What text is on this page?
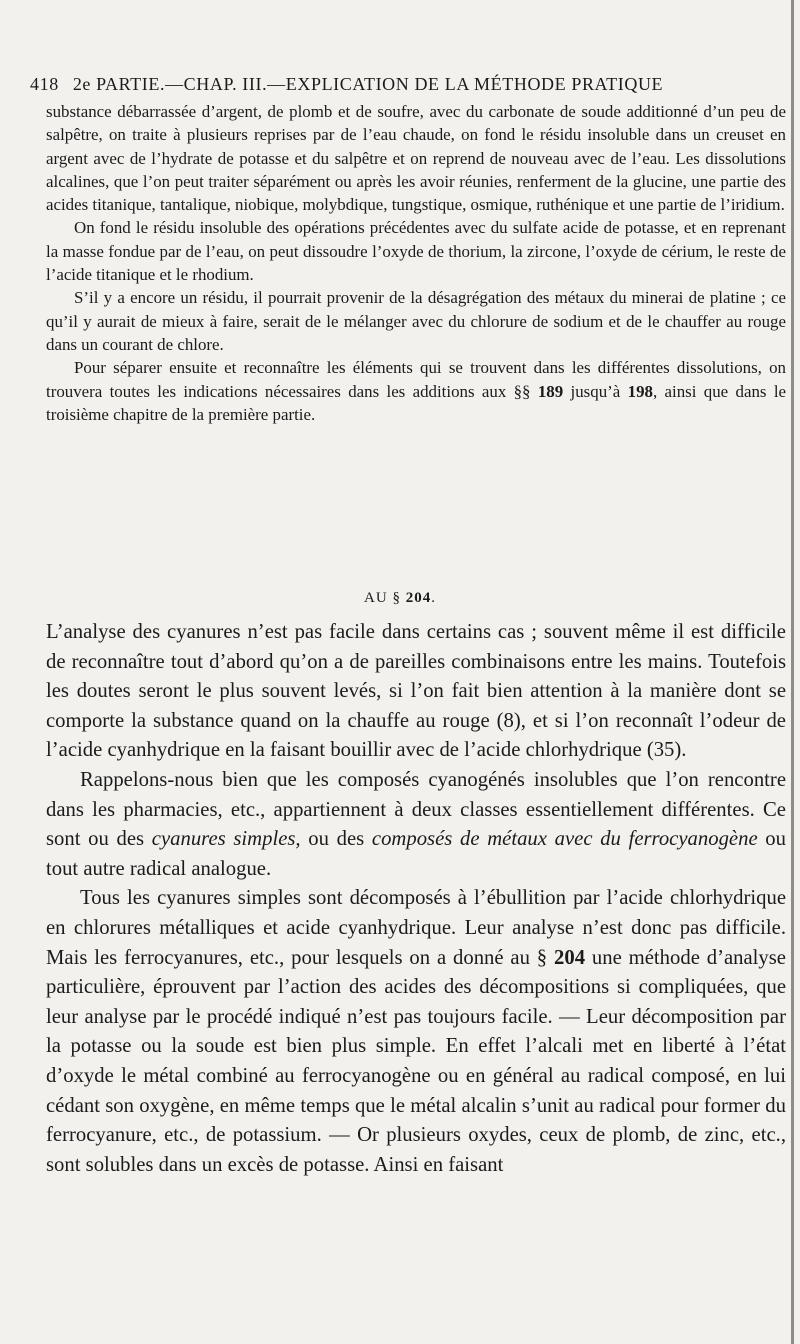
418 2e PARTIE.—CHAP. III.—EXPLICATION DE LA MÉTHODE PRATIQUE

substance débarrassée d’argent, de plomb et de soufre, avec du carbonate de soude additionné d’un peu de salpêtre, on traite à plusieurs reprises par de l’eau chaude, on fond le résidu insoluble dans un creuset en argent avec de l’hydrate de potasse et du salpêtre et on reprend de nouveau avec de l’eau. Les dissolutions alcalines, que l’on peut traiter séparément ou après les avoir réunies, renferment de la glucine, une partie des acides titanique, tantalique, niobique, molybdique, tungstique, osmique, ruthénique et une partie de l’iridium.

On fond le résidu insoluble des opérations précédentes avec du sulfate acide de potasse, et en reprenant la masse fondue par de l’eau, on peut dissoudre l’oxyde de thorium, la zircone, l’oxyde de cérium, le reste de l’acide titanique et le rhodium.

S’il y a encore un résidu, il pourrait provenir de la désagrégation des métaux du minerai de platine ; ce qu’il y aurait de mieux à faire, serait de le mélanger avec du chlorure de sodium et de le chauffer au rouge dans un courant de chlore.

Pour séparer ensuite et reconnaître les éléments qui se trouvent dans les différentes dissolutions, on trouvera toutes les indications nécessaires dans les additions aux §§ 189 jusqu’à 198, ainsi que dans le troisième chapitre de la première partie.

AU § 204.

L’analyse des cyanures n’est pas facile dans certains cas ; souvent même il est difficile de reconnaître tout d’abord qu’on a de pareilles combinaisons entre les mains. Toutefois les doutes seront le plus souvent levés, si l’on fait bien attention à la manière dont se comporte la substance quand on la chauffe au rouge (8), et si l’on reconnaît l’odeur de l’acide cyanhydrique en la faisant bouillir avec de l’acide chlorhydrique (35).

Rappelons-nous bien que les composés cyanogénés insolubles que l’on rencontre dans les pharmacies, etc., appartiennent à deux classes essentiellement différentes. Ce sont ou des cyanures simples, ou des composés de métaux avec du ferrocyanogène ou tout autre radical analogue.

Tous les cyanures simples sont décomposés à l’ébullition par l’acide chlorhydrique en chlorures métalliques et acide cyanhydrique. Leur analyse n’est donc pas difficile. Mais les ferrocyanures, etc., pour lesquels on a donné au § 204 une méthode d’analyse particulière, éprouvent par l’action des acides des décompositions si compliquées, que leur analyse par le procédé indiqué n’est pas toujours facile. — Leur décomposition par la potasse ou la soude est bien plus simple. En effet l’alcali met en liberté à l’état d’oxyde le métal combiné au ferrocyanogène ou en général au radical composé, en lui cédant son oxygène, en même temps que le métal alcalin s’unit au radical pour former du ferrocyanure, etc., de potassium. — Or plusieurs oxydes, ceux de plomb, de zinc, etc., sont solubles dans un excès de potasse. Ainsi en faisant
